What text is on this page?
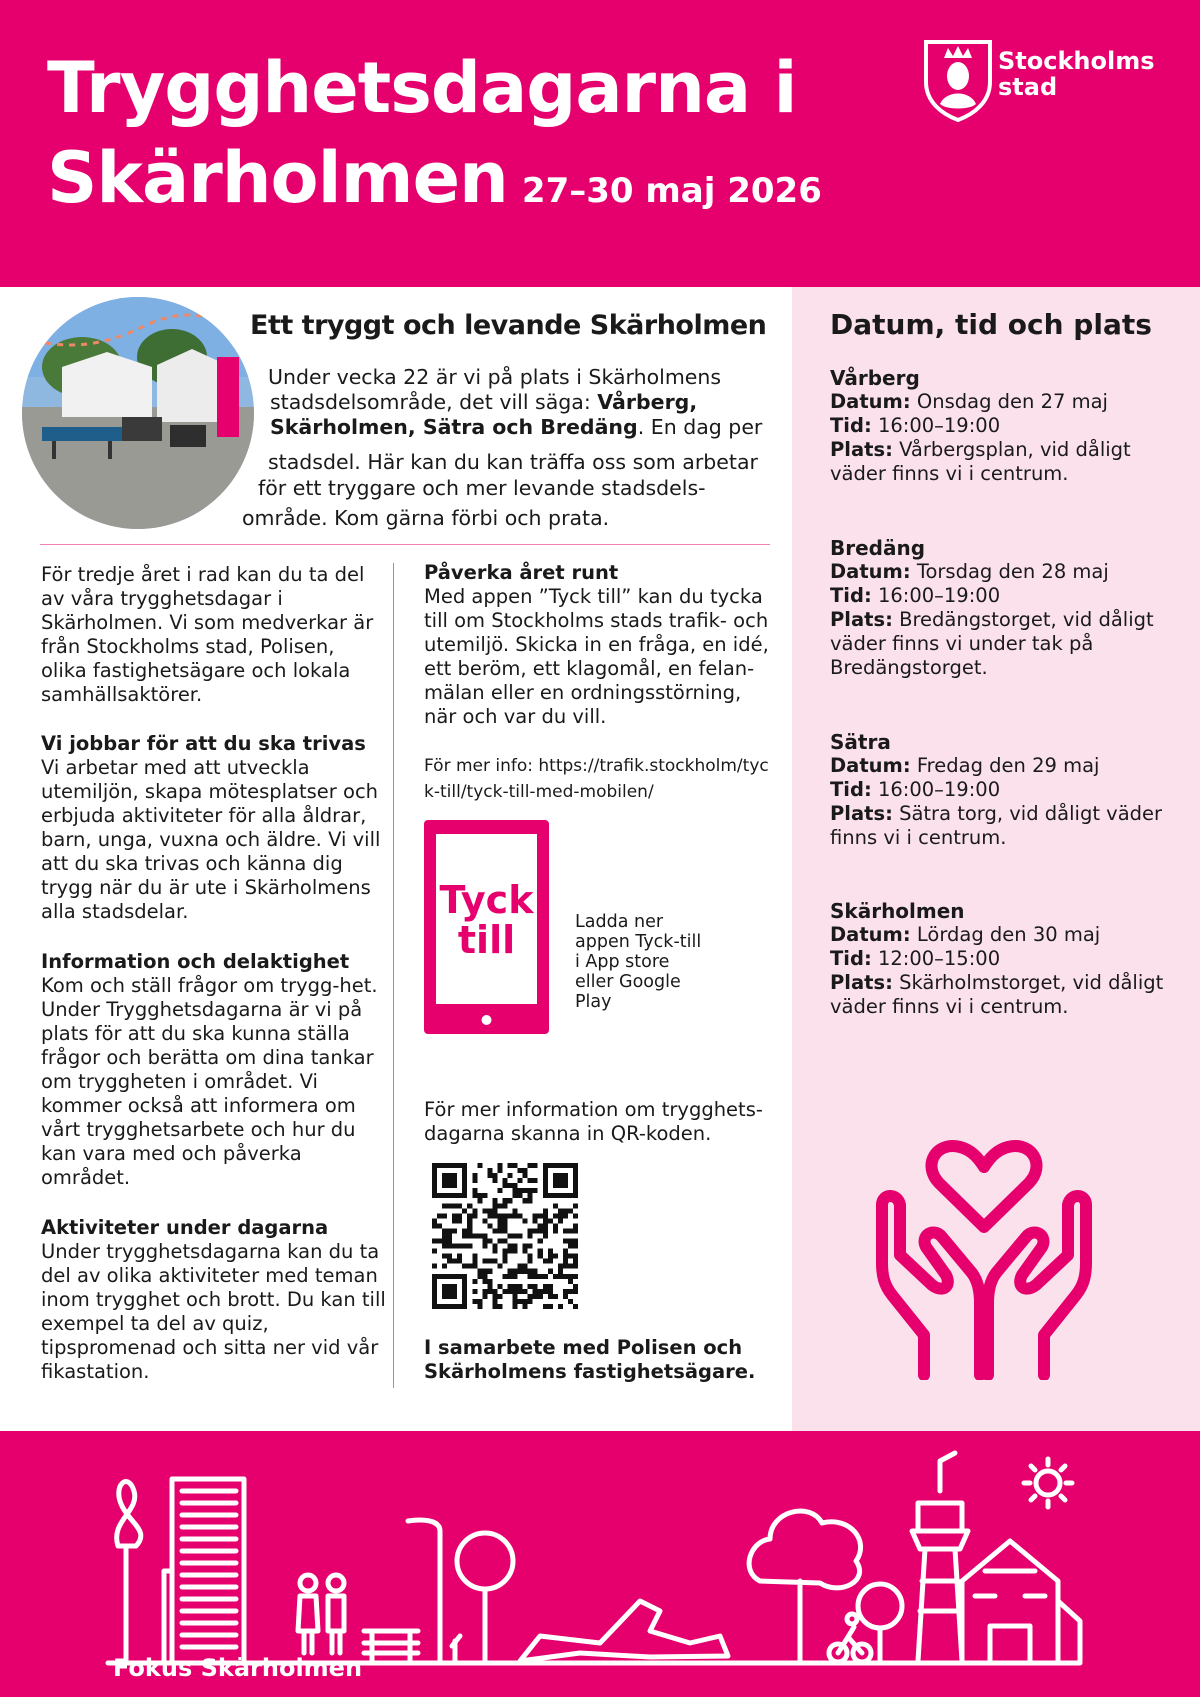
Trygghetsdagarna i
Skärholmen 27–30 maj 2026
Stockholms
stad
Datum, tid och plats
Vårberg
Datum: Onsdag den 27 maj
Tid: 16:00–19:00
Plats: Vårbergsplan, vid dåligt väder finns vi i centrum.
Bredäng
Datum: Torsdag den 28 maj
Tid: 16:00–19:00
Plats: Bredängstorget, vid dåligt väder finns vi under tak på Bredängstorget.
Sätra
Datum: Fredag den 29 maj
Tid: 16:00–19:00
Plats: Sätra torg, vid dåligt väder finns vi i centrum.
Skärholmen
Datum: Lördag den 30 maj
Tid: 12:00–15:00
Plats: Skärholmstorget, vid dåligt väder finns vi i centrum.
Ett tryggt och levande Skärholmen
Under vecka 22 är vi på plats i Skärholmens
stadsdelsområde, det vill säga: Vårberg,
Skärholmen, Sätra och Bredäng. En dag per
stadsdel. Här kan du kan träffa oss som arbetar
för ett tryggare och mer levande stadsdels-
område. Kom gärna förbi och prata.
För tredje året i rad kan du ta del av våra trygghetsdagar i Skärholmen. Vi som medverkar är från Stockholms stad, Polisen, olika fastighetsägare och lokala samhällsaktörer.
Vi jobbar för att du ska trivas
Vi arbetar med att utveckla utemiljön, skapa mötesplatser och erbjuda aktiviteter för alla åldrar, barn, unga, vuxna och äldre. Vi vill att du ska trivas och känna dig trygg när du är ute i Skärholmens alla stadsdelar.
Information och delaktighet
Kom och ställ frågor om trygg-het. Under Trygghetsdagarna är vi på plats för att du ska kunna ställa frågor och berätta om dina tankar om tryggheten i området. Vi kommer också att informera om vårt trygghetsarbete och hur du kan vara med och påverka området.
Aktiviteter under dagarna
Under trygghetsdagarna kan du ta del av olika aktiviteter med teman inom trygghet och brott. Du kan till exempel ta del av quiz, tipspromenad och sitta ner vid vår fikastation.
Påverka året runt
Med appen ”Tyck till” kan du tycka till om Stockholms stads trafik- och utemiljö. Skicka in en fråga, en idé, ett beröm, ett klagomål, en felan-mälan eller en ordningsstörning, när och var du vill.
För mer info: https://trafik.stockholm/tyck-till/tyck-till-med-mobilen/
Tyck
till	Ladda ner appen Tyck-till i App store eller Google Play
För mer information om trygghets-dagarna skanna in QR-koden.
I samarbete med Polisen och Skärholmens fastighetsägare.
Fokus Skärholmen
